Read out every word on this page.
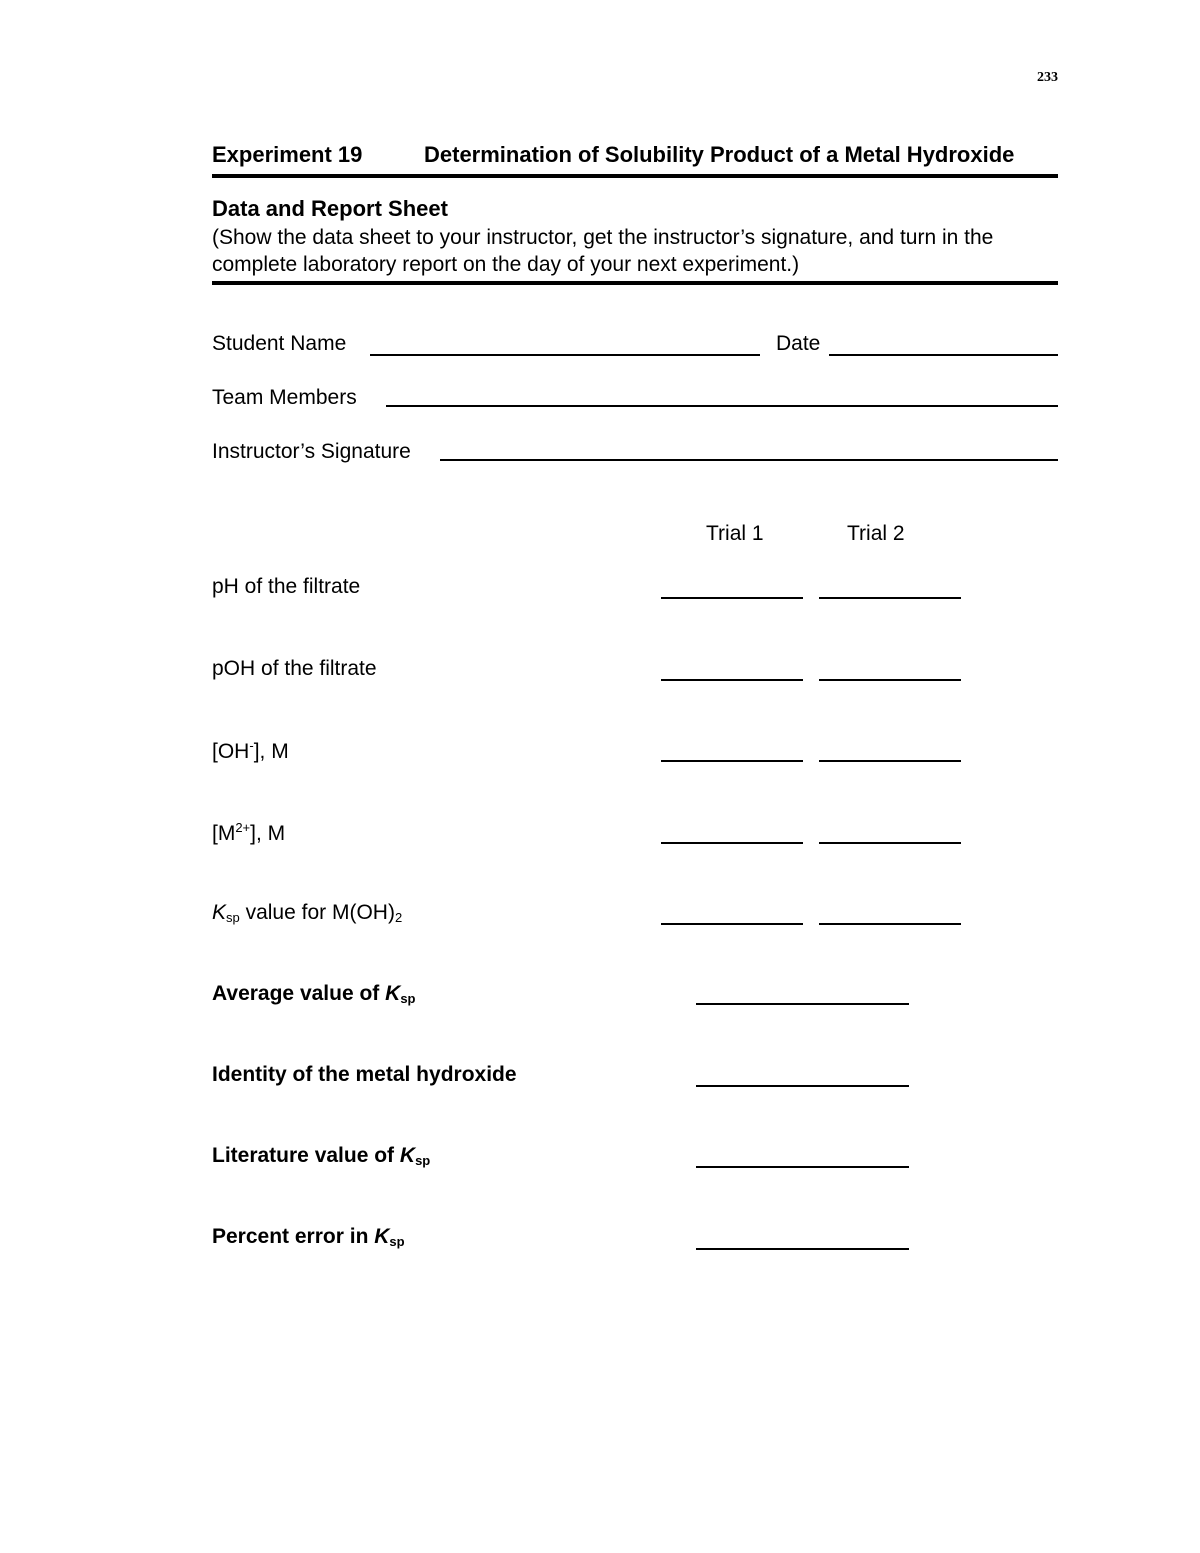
233
Experiment 19	Determination of Solubility Product of a Metal Hydroxide
Data and Report Sheet
(Show the data sheet to your instructor, get the instructor’s signature, and turn in the complete laboratory report on the day of your next experiment.)
Student Name	Date
Team Members
Instructor’s Signature
Trial 1	Trial 2
pH of the filtrate
pOH of the filtrate
[OH-], M
$[M^{2+}]$, M
$K_{sp}$ value for $M(OH)_2$
Average value of $K_{sp}$
Identity of the metal hydroxide
Literature value of $K_{sp}$
Percent error in $K_{sp}$
